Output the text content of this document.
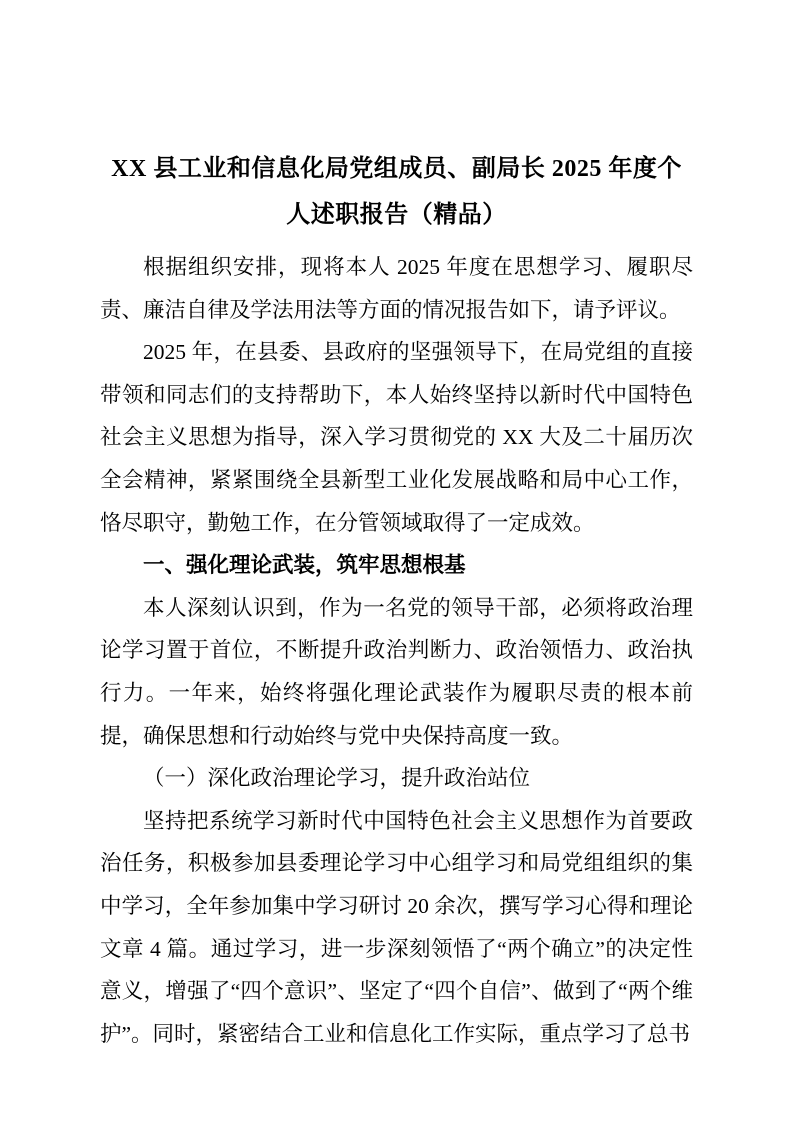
XX 县工业和信息化局党组成员、副局长 2025 年度个人述职报告（精品）

根据组织安排，现将本人 2025 年度在思想学习、履职尽责、廉洁自律及学法用法等方面的情况报告如下，请予评议。

2025 年，在县委、县政府的坚强领导下，在局党组的直接带领和同志们的支持帮助下，本人始终坚持以新时代中国特色社会主义思想为指导，深入学习贯彻党的 XX 大及二十届历次全会精神，紧紧围绕全县新型工业化发展战略和局中心工作，恪尽职守，勤勉工作，在分管领域取得了一定成效。

一、强化理论武装，筑牢思想根基

本人深刻认识到，作为一名党的领导干部，必须将政治理论学习置于首位，不断提升政治判断力、政治领悟力、政治执行力。一年来，始终将强化理论武装作为履职尽责的根本前提，确保思想和行动始终与党中央保持高度一致。

（一）深化政治理论学习，提升政治站位

坚持把系统学习新时代中国特色社会主义思想作为首要政治任务，积极参加县委理论学习中心组学习和局党组组织的集中学习，全年参加集中学习研讨 20 余次，撰写学习心得和理论文章 4 篇。通过学习，进一步深刻领悟了“两个确立”的决定性意义，增强了“四个意识”、坚定了“四个自信”、做到了“两个维护”。同时，紧密结合工业和信息化工作实际，重点学习了总书
